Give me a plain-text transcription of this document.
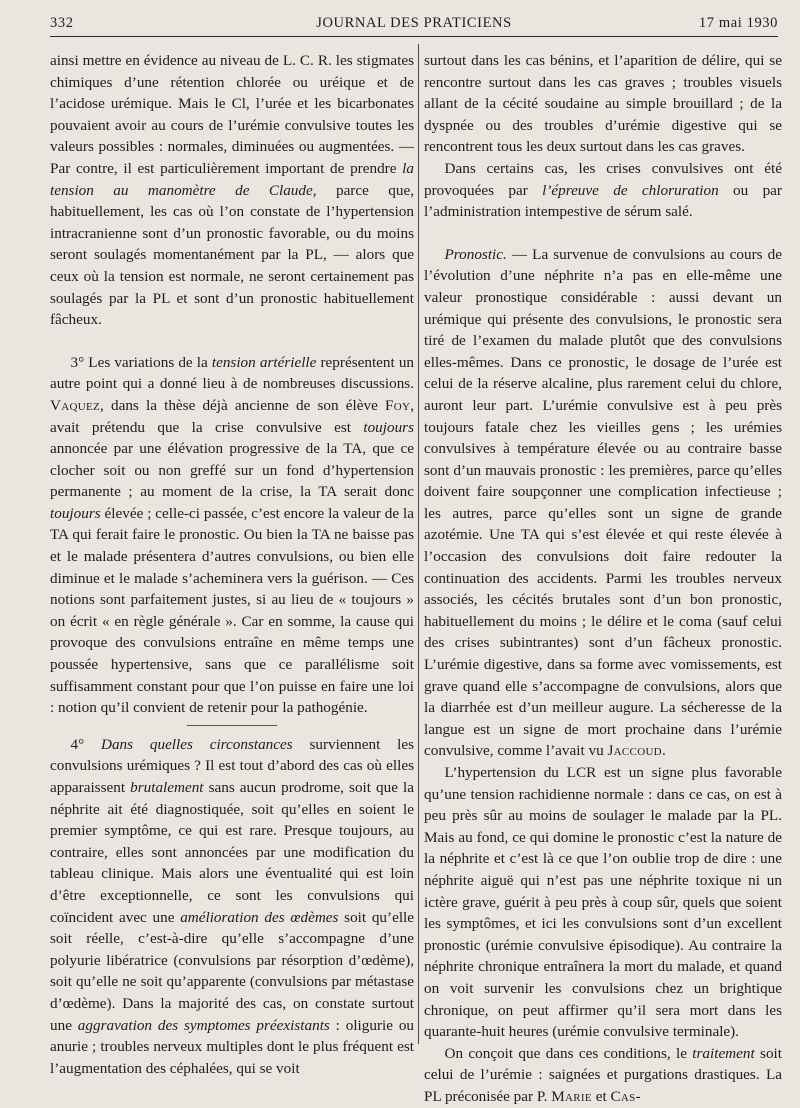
332	JOURNAL DES PRATICIENS	17 mai 1930

ainsi mettre en évidence au niveau de L. C. R. les stigmates chimiques d’une rétention chlorée ou uréique et de l’acidose urémique. Mais le Cl, l’urée et les bicarbonates pouvaient avoir au cours de l’urémie convulsive toutes les valeurs possibles : normales, diminuées ou augmentées. — Par contre, il est particulièrement important de prendre la tension au manomètre de Claude, parce que, habituellement, les cas où l’on constate de l’hypertension intracranienne sont d’un pronostic favorable, ou du moins seront soulagés momentanément par la PL, — alors que ceux où la tension est normale, ne seront certainement pas soulagés par la PL et sont d’un pronostic habituellement fâcheux.

3° Les variations de la tension artérielle représentent un autre point qui a donné lieu à de nombreuses discussions. Vaquez, dans la thèse déjà ancienne de son élève Foy, avait prétendu que la crise convulsive est toujours annoncée par une élévation progressive de la TA, que ce clocher soit ou non greffé sur un fond d’hypertension permanente ; au moment de la crise, la TA serait donc toujours élevée ; celle-ci passée, c’est encore la valeur de la TA qui ferait faire le pronostic. Ou bien la TA ne baisse pas et le malade présentera d’autres convulsions, ou bien elle diminue et le malade s’acheminera vers la guérison. — Ces notions sont parfaitement justes, si au lieu de « toujours » on écrit « en règle générale ». Car en somme, la cause qui provoque des convulsions entraîne en même temps une poussée hypertensive, sans que ce parallélisme soit suffisamment constant pour que l’on puisse en faire une loi : notion qu’il convient de retenir pour la pathogénie.

4° Dans quelles circonstances surviennent les convulsions urémiques ? Il est tout d’abord des cas où elles apparaissent brutalement sans aucun prodrome, soit que la néphrite ait été diagnostiquée, soit qu’elles en soient le premier symptôme, ce qui est rare. Presque toujours, au contraire, elles sont annoncées par une modification du tableau clinique. Mais alors une éventualité qui est loin d’être exceptionnelle, ce sont les convulsions qui coïncident avec une amélioration des œdèmes soit qu’elle soit réelle, c’est-à-dire qu’elle s’accompagne d’une polyurie libératrice (convulsions par résorption d’œdème), soit qu’elle ne soit qu’apparente (convulsions par métastase d’œdème). Dans la majorité des cas, on constate surtout une aggravation des symptomes préexistants : oligurie ou anurie ; troubles nerveux multiples dont le plus fréquent est l’augmentation des céphalées, qui se voit

surtout dans les cas bénins, et l’aparition de délire, qui se rencontre surtout dans les cas graves ; troubles visuels allant de la cécité soudaine au simple brouillard ; de la dyspnée ou des troubles d’urémie digestive qui se rencontrent tous les deux surtout dans les cas graves.

Dans certains cas, les crises convulsives ont été provoquées par l’épreuve de chloruration ou par l’administration intempestive de sérum salé.

Pronostic. — La survenue de convulsions au cours de l’évolution d’une néphrite n’a pas en elle-même une valeur pronostique considérable : aussi devant un urémique qui présente des convulsions, le pronostic sera tiré de l’examen du malade plutôt que des convulsions elles-mêmes. Dans ce pronostic, le dosage de l’urée est celui de la réserve alcaline, plus rarement celui du chlore, auront leur part. L’urémie convulsive est à peu près toujours fatale chez les vieilles gens ; les urémies convulsives à température élevée ou au contraire basse sont d’un mauvais pronostic : les premières, parce qu’elles doivent faire soupçonner une complication infectieuse ; les autres, parce qu’elles sont un signe de grande azotémie. Une TA qui s’est élevée et qui reste élevée à l’occasion des convulsions doit faire redouter la continuation des accidents. Parmi les troubles nerveux associés, les cécités brutales sont d’un bon pronostic, habituellement du moins ; le délire et le coma (sauf celui des crises subintrantes) sont d’un fâcheux pronostic. L’urémie digestive, dans sa forme avec vomissements, est grave quand elle s’accompagne de convulsions, alors que la diarrhée est d’un meilleur augure. La sécheresse de la langue est un signe de mort prochaine dans l’urémie convulsive, comme l’avait vu Jaccoud.

L’hypertension du LCR est un signe plus favorable qu’une tension rachidienne normale : dans ce cas, on est à peu près sûr au moins de soulager le malade par la PL. Mais au fond, ce qui domine le pronostic c’est la nature de la néphrite et c’est là ce que l’on oublie trop de dire : une néphrite aiguë qui n’est pas une néphrite toxique ni un ictère grave, guérit à peu près à coup sûr, quels que soient les symptômes, et ici les convulsions sont d’un excellent pronostic (urémie convulsive épisodique). Au contraire la néphrite chronique entraînera la mort du malade, et quand on voit survenir les convulsions chez un brightique chronique, on peut affirmer qu’il sera mort dans les quarante-huit heures (urémie convulsive terminale).

On conçoit que dans ces conditions, le traitement soit celui de l’urémie : saignées et purgations drastiques. La PL préconisée par P. Marie et Cas-
